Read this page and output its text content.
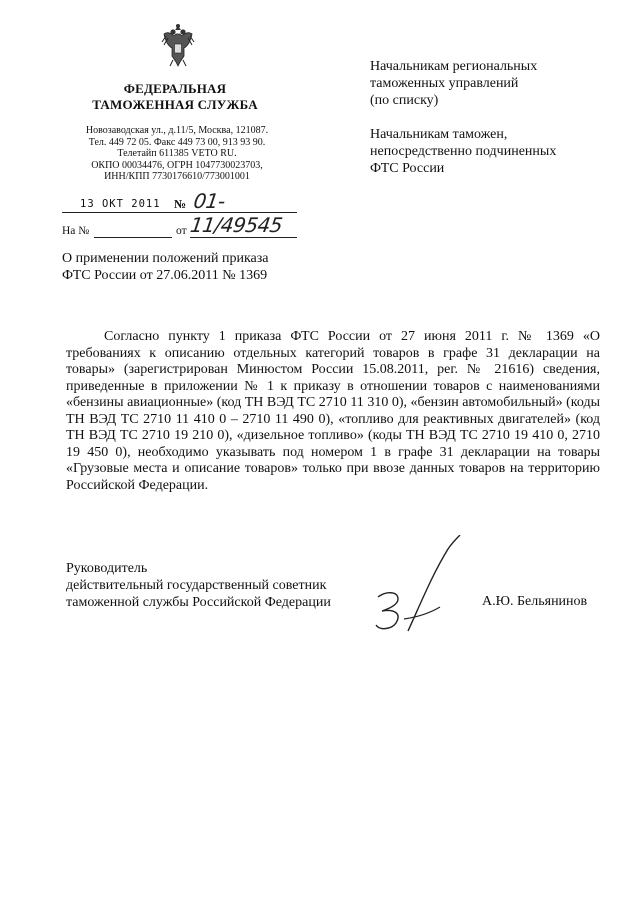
ФЕДЕРАЛЬНАЯ
ТАМОЖЕННАЯ СЛУЖБА
Новозаводская ул., д.11/5, Москва, 121087.
Тел. 449 72 05. Факс 449 73 00, 913 93 90.
Телетайп 611385 VETO RU.
ОКПО 00034476, ОГРН 1047730023703,
ИНН/КПП 7730176610/773001001
13 ОКТ 2011 № 01-11/49545
На №	от
О применении положений приказа
ФТС России от 27.06.2011 № 1369
Начальникам региональных
таможенных управлений
(по списку)
Начальникам таможен,
непосредственно подчиненных
ФТС России
Согласно пункту 1 приказа ФТС России от 27 июня 2011 г. № 1369 «О требованиях к описанию отдельных категорий товаров в графе 31 декларации на товары» (зарегистрирован Минюстом России 15.08.2011, рег. № 21616) сведения, приведенные в приложении № 1 к приказу в отношении товаров с наименованиями «бензины авиационные» (код ТН ВЭД ТС 2710 11 310 0), «бензин автомобильный» (коды ТН ВЭД ТС 2710 11 410 0 – 2710 11 490 0), «топливо для реактивных двигателей» (код ТН ВЭД ТС 2710 19 210 0), «дизельное топливо» (коды ТН ВЭД ТС 2710 19 410 0, 2710 19 450 0), необходимо указывать под номером 1 в графе 31 декларации на товары «Грузовые места и описание товаров» только при ввозе данных товаров на территорию Российской Федерации.
Руководитель
действительный государственный советник
таможенной службы Российской Федерации	А.Ю. Бельянинов
